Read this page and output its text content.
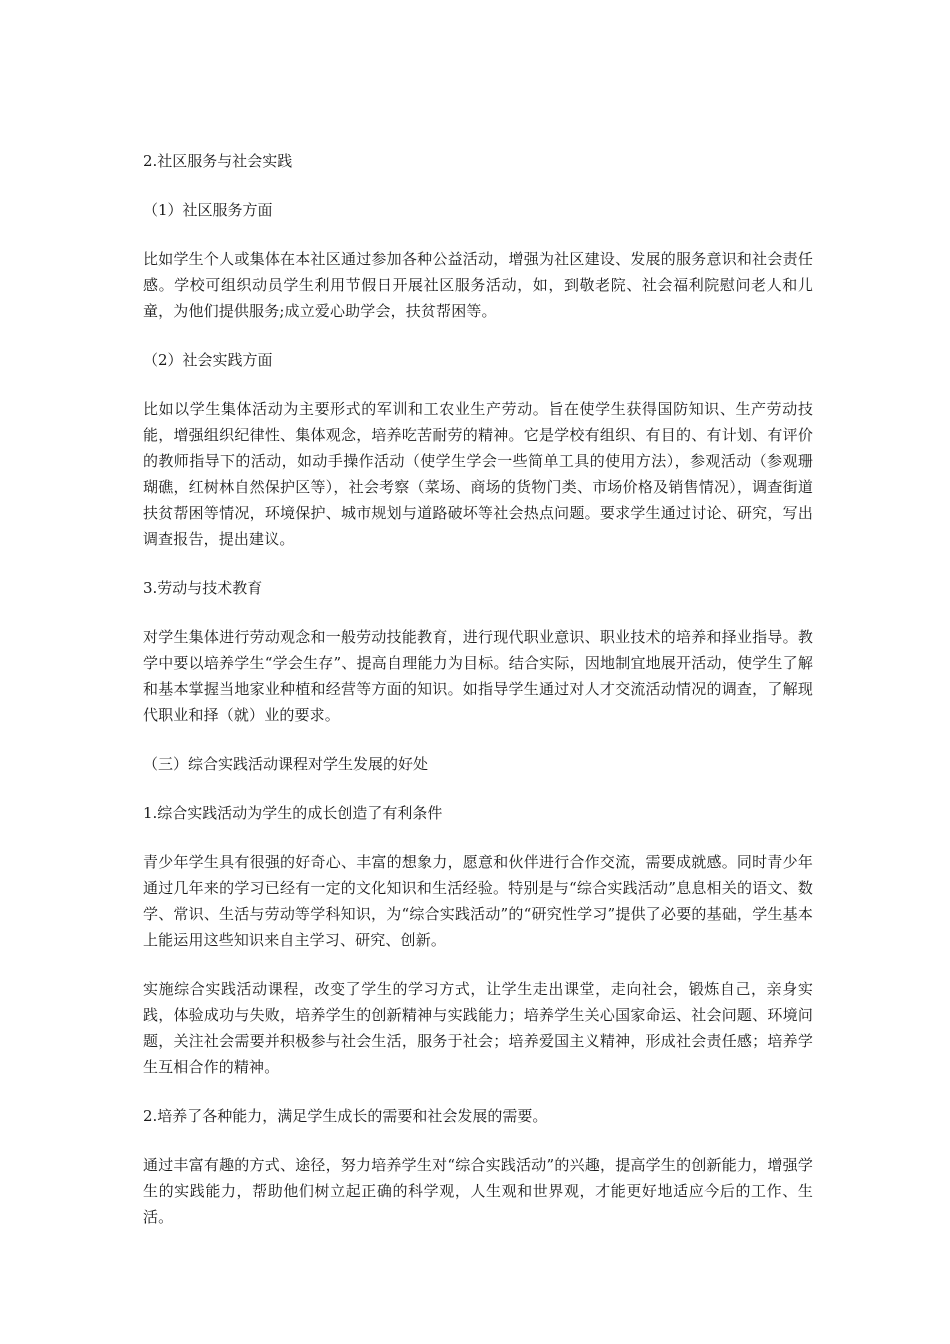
2.社区服务与社会实践

（1）社区服务方面

比如学生个人或集体在本社区通过参加各种公益活动，增强为社区建设、发展的服务意识和社会责任感。学校可组织动员学生利用节假日开展社区服务活动，如，到敬老院、社会福利院慰问老人和儿童，为他们提供服务;成立爱心助学会，扶贫帮困等。

（2）社会实践方面

比如以学生集体活动为主要形式的军训和工农业生产劳动。旨在使学生获得国防知识、生产劳动技能，增强组织纪律性、集体观念，培养吃苦耐劳的精神。它是学校有组织、有目的、有计划、有评价的教师指导下的活动，如动手操作活动（使学生学会一些简单工具的使用方法），参观活动（参观珊瑚礁，红树林自然保护区等），社会考察（菜场、商场的货物门类、市场价格及销售情况），调查街道扶贫帮困等情况，环境保护、城市规划与道路破坏等社会热点问题。要求学生通过讨论、研究，写出调查报告，提出建议。

3.劳动与技术教育

对学生集体进行劳动观念和一般劳动技能教育，进行现代职业意识、职业技术的培养和择业指导。教学中要以培养学生“学会生存”、提高自理能力为目标。结合实际，因地制宜地展开活动，使学生了解和基本掌握当地家业种植和经营等方面的知识。如指导学生通过对人才交流活动情况的调查，了解现代职业和择（就）业的要求。

（三）综合实践活动课程对学生发展的好处

1.综合实践活动为学生的成长创造了有利条件

青少年学生具有很强的好奇心、丰富的想象力，愿意和伙伴进行合作交流，需要成就感。同时青少年通过几年来的学习已经有一定的文化知识和生活经验。特别是与“综合实践活动”息息相关的语文、数学、常识、生活与劳动等学科知识，为“综合实践活动”的“研究性学习”提供了必要的基础，学生基本上能运用这些知识来自主学习、研究、创新。

实施综合实践活动课程，改变了学生的学习方式，让学生走出课堂，走向社会，锻炼自己，亲身实践，体验成功与失败，培养学生的创新精神与实践能力；培养学生关心国家命运、社会问题、环境问题，关注社会需要并积极参与社会生活，服务于社会；培养爱国主义精神，形成社会责任感；培养学生互相合作的精神。

2.培养了各种能力，满足学生成长的需要和社会发展的需要。

通过丰富有趣的方式、途径，努力培养学生对“综合实践活动”的兴趣，提高学生的创新能力，增强学生的实践能力，帮助他们树立起正确的科学观，人生观和世界观，才能更好地适应今后的工作、生活。
